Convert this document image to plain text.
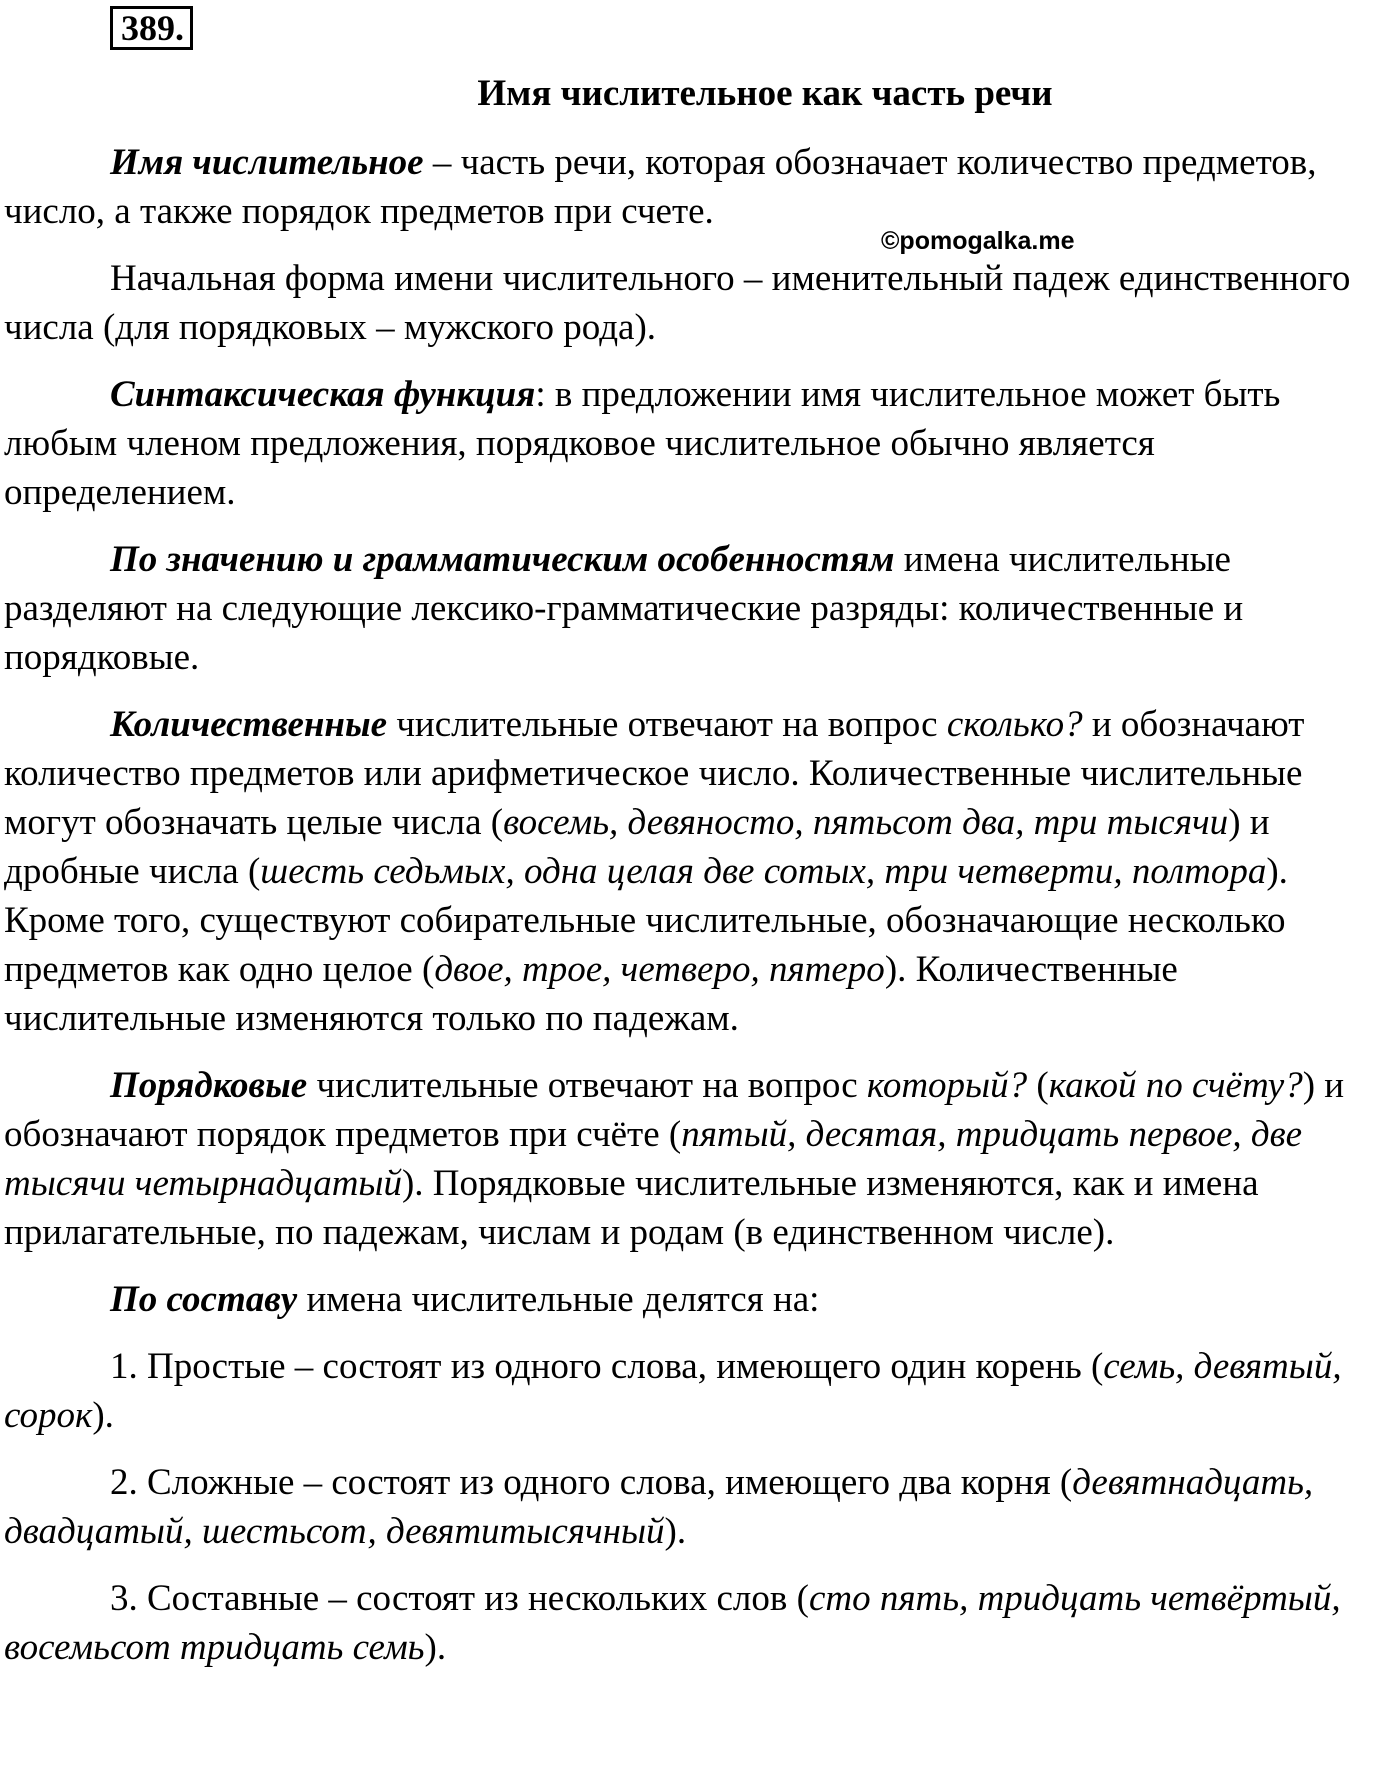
389.
Имя числительное как часть речи
©pomogalka.me

Имя числительное – часть речи, которая обозначает количество предметов, число, а также порядок предметов при счете.

Начальная форма имени числительного – именительный падеж единственного числа (для порядковых – мужского рода).

Синтаксическая функция: в предложении имя числительное может быть любым членом предложения, порядковое числительное обычно является определением.

По значению и грамматическим особенностям имена числительные разделяют на следующие лексико-грамматические разряды: количественные и порядковые.

Количественные числительные отвечают на вопрос сколько? и обозначают количество предметов или арифметическое число. Количественные числительные могут обозначать целые числа (восемь, девяносто, пятьсот два, три тысячи) и дробные числа (шесть седьмых, одна целая две сотых, три четверти, полтора). Кроме того, существуют собирательные числительные, обозначающие несколько предметов как одно целое (двое, трое, четверо, пятеро). Количественные числительные изменяются только по падежам.

Порядковые числительные отвечают на вопрос который? (какой по счёту?) и обозначают порядок предметов при счёте (пятый, десятая, тридцать первое, две тысячи четырнадцатый). Порядковые числительные изменяются, как и имена прилагательные, по падежам, числам и родам (в единственном числе).

По составу имена числительные делятся на:

1. Простые – состоят из одного слова, имеющего один корень (семь, девятый, сорок).

2. Сложные – состоят из одного слова, имеющего два корня (девятнадцать, двадцатый, шестьсот, девятитысячный).

3. Составные – состоят из нескольких слов (сто пять, тридцать четвёртый, восемьсот тридцать семь).
